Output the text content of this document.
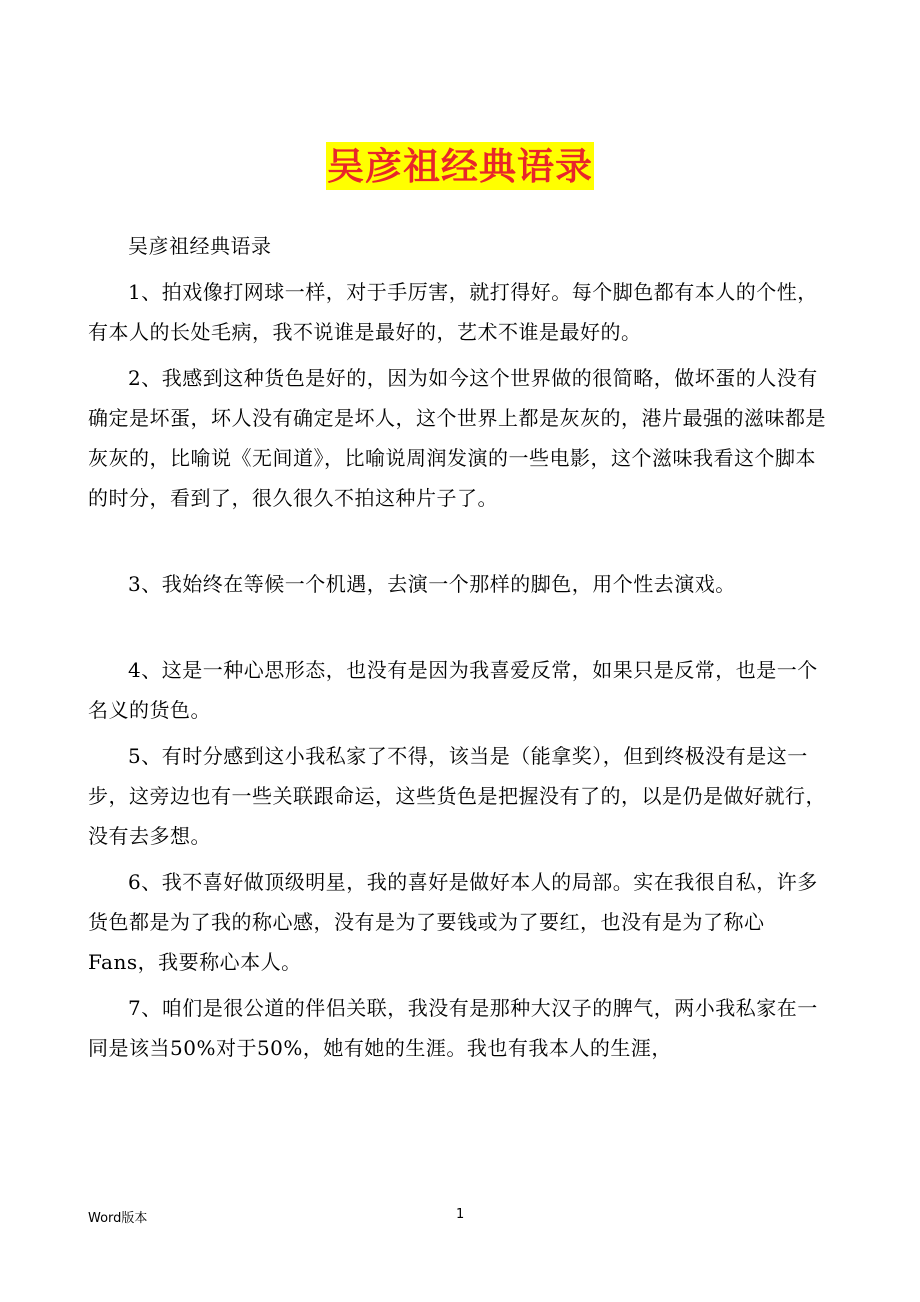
吴彦祖经典语录

吴彦祖经典语录

1、拍戏像打网球一样，对于手厉害，就打得好。每个脚色都有本人的个性，有本人的长处毛病，我不说谁是最好的，艺术不谁是最好的。

2、我感到这种货色是好的，因为如今这个世界做的很简略，做坏蛋的人没有确定是坏蛋，坏人没有确定是坏人，这个世界上都是灰灰的，港片最强的滋味都是灰灰的，比喻说《无间道》，比喻说周润发演的一些电影，这个滋味我看这个脚本的时分，看到了，很久很久不拍这种片子了。

3、我始终在等候一个机遇，去演一个那样的脚色，用个性去演戏。

4、这是一种心思形态，也没有是因为我喜爱反常，如果只是反常，也是一个名义的货色。

5、有时分感到这小我私家了不得，该当是（能拿奖），但到终极没有是这一步，这旁边也有一些关联跟命运，这些货色是把握没有了的，以是仍是做好就行，没有去多想。

6、我不喜好做顶级明星，我的喜好是做好本人的局部。实在我很自私，许多货色都是为了我的称心感，没有是为了要钱或为了要红，也没有是为了称心Fans，我要称心本人。

7、咱们是很公道的伴侣关联，我没有是那种大汉子的脾气，两小我私家在一同是该当50%对于50%，她有她的生涯。我也有我本人的生涯，

Word版本	1
